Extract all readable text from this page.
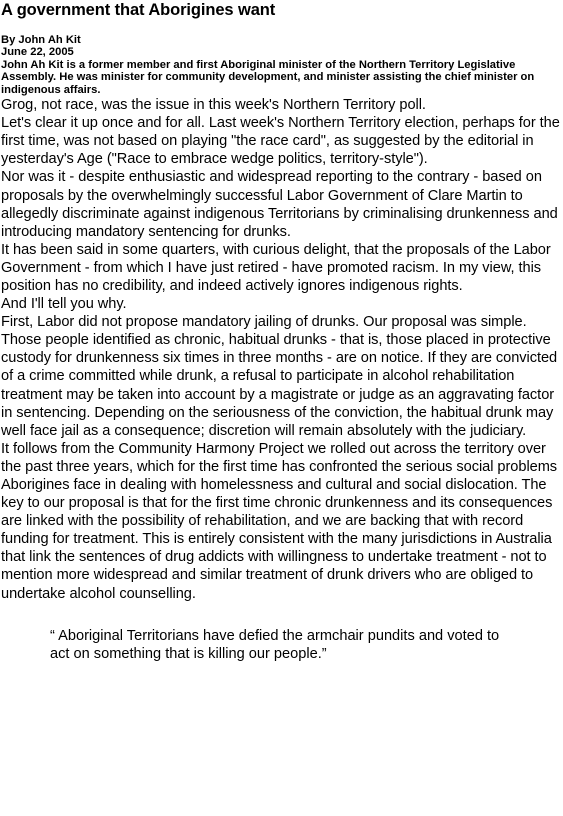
A government that Aborigines want
By John Ah Kit
June 22, 2005
John Ah Kit is a former member and first Aboriginal minister of the Northern Territory Legislative Assembly. He was minister for community development, and minister assisting the chief minister on indigenous affairs.

Grog, not race, was the issue in this week's Northern Territory poll.

Let's clear it up once and for all. Last week's Northern Territory election, perhaps for the first time, was not based on playing "the race card", as suggested by the editorial in yesterday's Age ("Race to embrace wedge politics, territory-style").

Nor was it - despite enthusiastic and widespread reporting to the contrary - based on proposals by the overwhelmingly successful Labor Government of Clare Martin to allegedly discriminate against indigenous Territorians by criminalising drunkenness and introducing mandatory sentencing for drunks.

It has been said in some quarters, with curious delight, that the proposals of the Labor Government - from which I have just retired - have promoted racism. In my view, this position has no credibility, and indeed actively ignores indigenous rights.

And I'll tell you why.

First, Labor did not propose mandatory jailing of drunks. Our proposal was simple. Those people identified as chronic, habitual drunks - that is, those placed in protective custody for drunkenness six times in three months - are on notice. If they are convicted of a crime committed while drunk, a refusal to participate in alcohol rehabilitation treatment may be taken into account by a magistrate or judge as an aggravating factor in sentencing. Depending on the seriousness of the conviction, the habitual drunk may well face jail as a consequence; discretion will remain absolutely with the judiciary.

It follows from the Community Harmony Project we rolled out across the territory over the past three years, which for the first time has confronted the serious social problems Aborigines face in dealing with homelessness and cultural and social dislocation. The key to our proposal is that for the first time chronic drunkenness and its consequences are linked with the possibility of rehabilitation, and we are backing that with record funding for treatment. This is entirely consistent with the many jurisdictions in Australia that link the sentences of drug addicts with willingness to undertake treatment - not to mention more widespread and similar treatment of drunk drivers who are obliged to undertake alcohol counselling.

“ Aboriginal Territorians have defied the armchair pundits and voted to act on something that is killing our people.”
